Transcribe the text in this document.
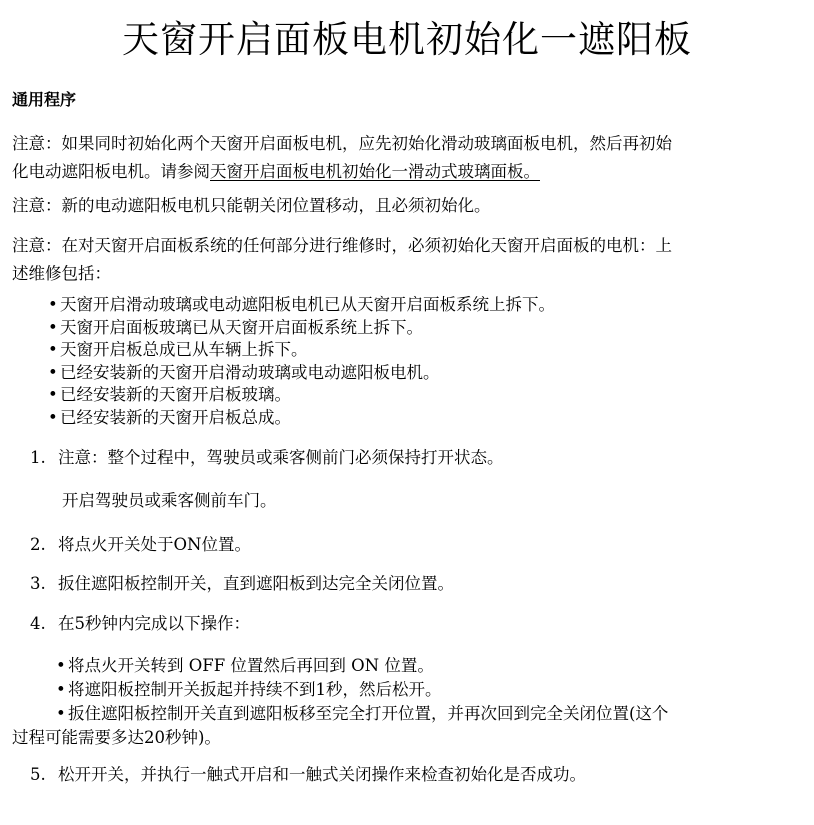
天窗开启面板电机初始化一遮阳板
通用程序

注意：如果同时初始化两个天窗开启面板电机，应先初始化滑动玻璃面板电机，然后再初始
化电动遮阳板电机。请参阅天窗开启面板电机初始化一滑动式玻璃面板。

注意：新的电动遮阳板电机只能朝关闭位置移动，且必须初始化。

注意：在对天窗开启面板系统的任何部分进行维修时，必须初始化天窗开启面板的电机：上
述维修包括：

• 天窗开启滑动玻璃或电动遮阳板电机已从天窗开启面板系统上拆下。
• 天窗开启面板玻璃已从天窗开启面板系统上拆下。
• 天窗开启板总成已从车辆上拆下。
• 已经安装新的天窗开启滑动玻璃或电动遮阳板电机。
• 已经安装新的天窗开启板玻璃。
• 已经安装新的天窗开启板总成。

1. 注意：整个过程中，驾驶员或乘客侧前门必须保持打开状态。

开启驾驶员或乘客侧前车门。

2. 将点火开关处于ON位置。

3. 扳住遮阳板控制开关，直到遮阳板到达完全关闭位置。

4. 在5秒钟内完成以下操作：

• 将点火开关转到 OFF 位置然后再回到 ON 位置。
• 将遮阳板控制开关扳起并持续不到1秒，然后松开。
• 扳住遮阳板控制开关直到遮阳板移至完全打开位置，并再次回到完全关闭位置(这个

过程可能需要多达20秒钟)。

5. 松开开关，并执行一触式开启和一触式关闭操作来检查初始化是否成功。
